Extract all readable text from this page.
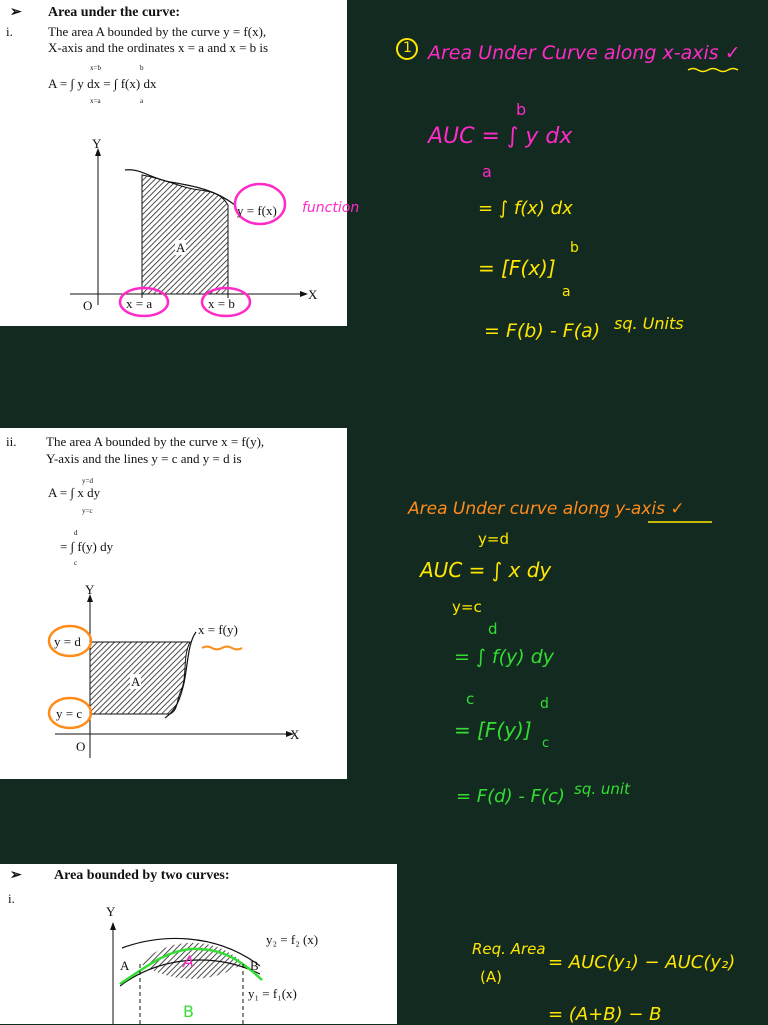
➢ Area under the curve:
i.	The area A bounded by the curve y = f(x),
X-axis and the ordinates x = a and x = b is
A = ∫ y dx = ∫ f(x) dx
x=b
x=a
b
a
Y
X
O
A
y = f(x)
x = a	x = b
ii. The area A bounded by the curve x = f(y),
Y-axis and the lines y = c and y = d is
A = ∫ x dy
y=d
y=c
= ∫ f(y) dy
d
c
Y
X
O
A
x = f(y)
y = d
y = c
➢ Area bounded by two curves:
i.
Y
A	B
y₂ = f₂ (x)
y₁ = f₁(x)
A
B
function
1 Area Under Curve along x-axis ✓
AUC = ∫ y dx
b
a
= ∫ f(x) dx
= [F(x)]
b
a
= F(b) - F(a) sq. Units
Area Under curve along y-axis ✓
y=d
AUC = ∫ x dy
y=c
= ∫ f(y) dy
d
c
= [F(y)]
d
c
= F(d) - F(c) sq. unit
Req. Area
(A)
= AUC(y₁) − AUC(y₂)
= (A+B) − B
